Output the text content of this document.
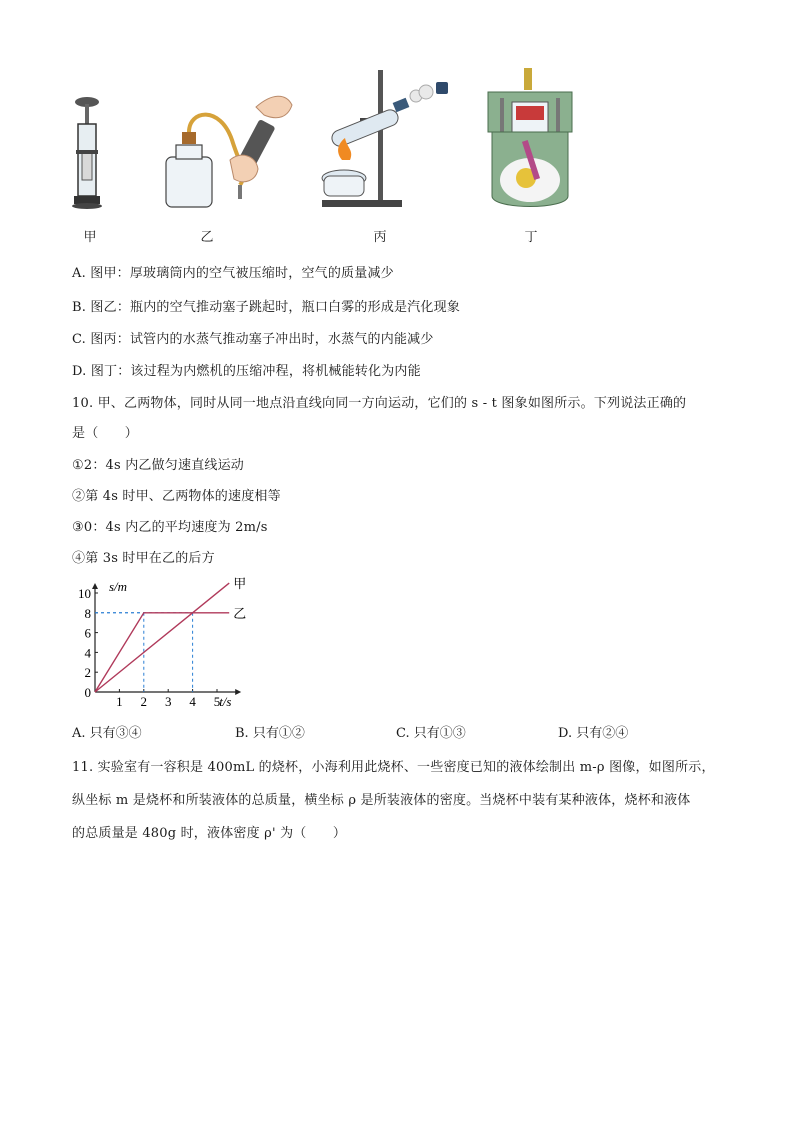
甲	乙	丙	丁
A. 图甲：厚玻璃筒内的空气被压缩时，空气的质量减少
B. 图乙：瓶内的空气推动塞子跳起时，瓶口白雾的形成是汽化现象
C. 图丙：试管内的水蒸气推动塞子冲出时，水蒸气的内能减少
D. 图丁：该过程为内燃机的压缩冲程，将机械能转化为内能
10. 甲、乙两物体，同时从同一地点沿直线向同一方向运动，它们的 s - t 图象如图所示。下列说法正确的
是（　　）
①2：4s 内乙做匀速直线运动
②第 4s 时甲、乙两物体的速度相等
③0：4s 内乙的平均速度为 2m/s
④第 3s 时甲在乙的后方
1 2 3 4 5
0
2
4
6
8
10 s/m
t/s
甲
乙
A. 只有③④	B. 只有①②	C. 只有①③	D. 只有②④
11. 实验室有一容积是 400mL 的烧杯，小海利用此烧杯、一些密度已知的液体绘制出 m-ρ 图像，如图所示，
纵坐标 m 是烧杯和所装液体的总质量，横坐标 ρ 是所装液体的密度。当烧杯中装有某种液体，烧杯和液体
的总质量是 480g 时，液体密度 ρ' 为（　　）
